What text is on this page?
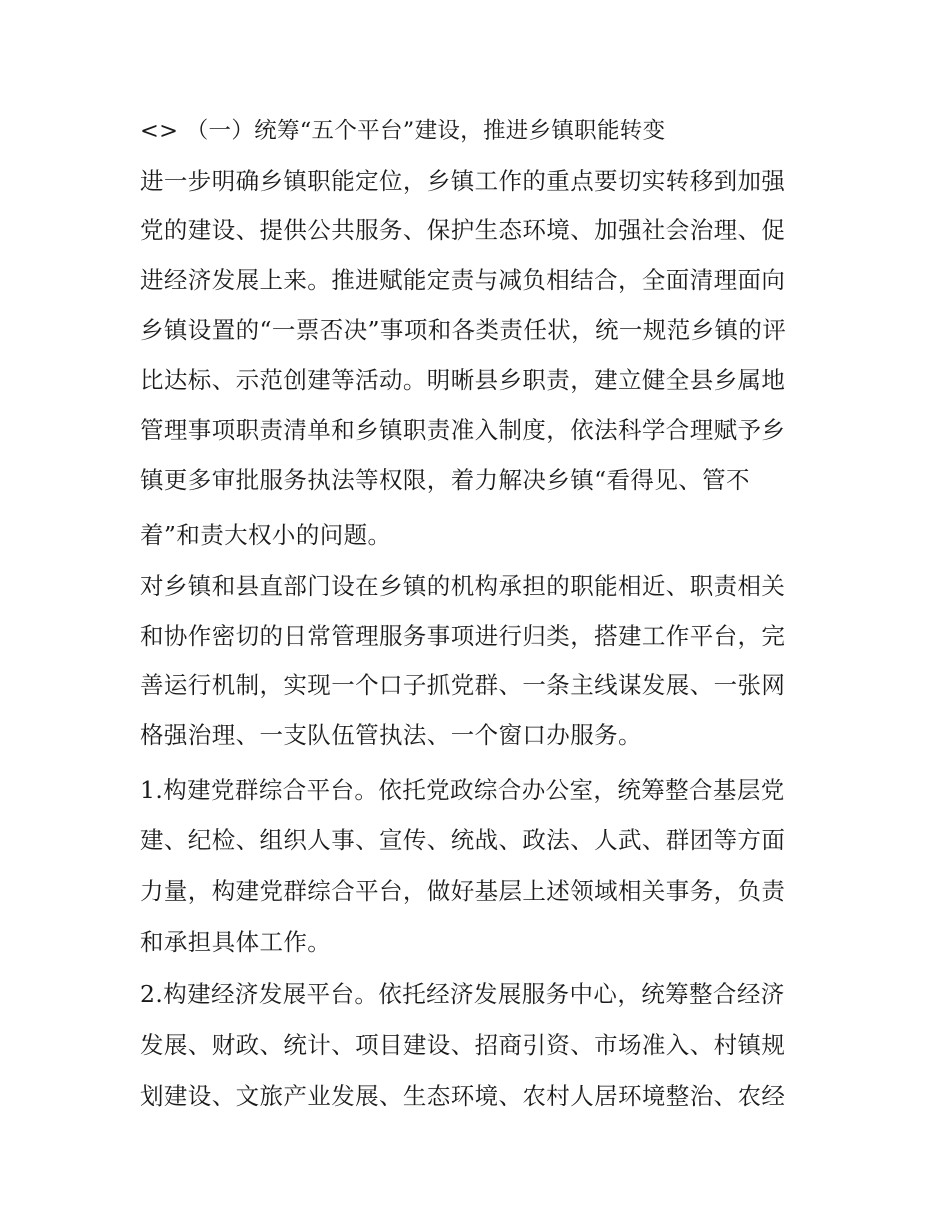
<> （一）统筹“五个平台”建设，推进乡镇职能转变
进一步明确乡镇职能定位，乡镇工作的重点要切实转移到加强
党的建设、提供公共服务、保护生态环境、加强社会治理、促
进经济发展上来。推进赋能定责与减负相结合，全面清理面向
乡镇设置的“一票否决”事项和各类责任状，统一规范乡镇的评
比达标、示范创建等活动。明晰县乡职责，建立健全县乡属地
管理事项职责清单和乡镇职责准入制度，依法科学合理赋予乡
镇更多审批服务执法等权限，着力解决乡镇“看得见、管不
着”和责大权小的问题。
对乡镇和县直部门设在乡镇的机构承担的职能相近、职责相关
和协作密切的日常管理服务事项进行归类，搭建工作平台，完
善运行机制，实现一个口子抓党群、一条主线谋发展、一张网
格强治理、一支队伍管执法、一个窗口办服务。
1.构建党群综合平台。依托党政综合办公室，统筹整合基层党
建、纪检、组织人事、宣传、统战、政法、人武、群团等方面
力量，构建党群综合平台，做好基层上述领域相关事务，负责
和承担具体工作。
2.构建经济发展平台。依托经济发展服务中心，统筹整合经济
发展、财政、统计、项目建设、招商引资、市场准入、村镇规
划建设、文旅产业发展、生态环境、农村人居环境整治、农经
